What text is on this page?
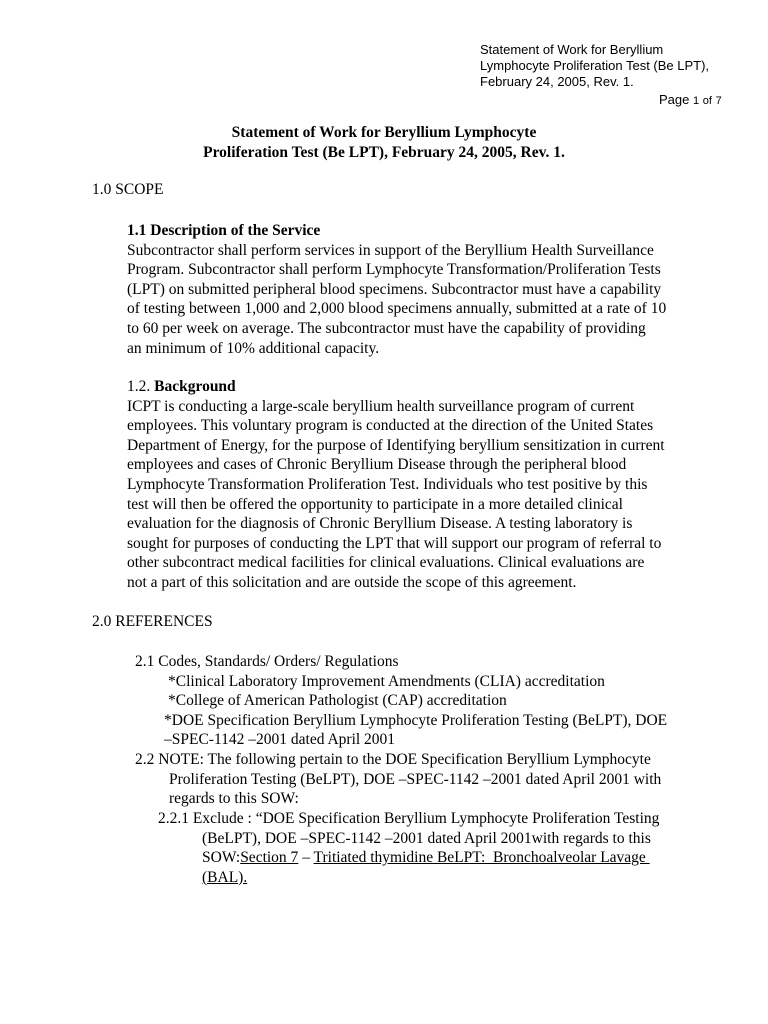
Statement of Work for Beryllium
Lymphocyte Proliferation Test (Be LPT),
February 24, 2005, Rev. 1.
Page 1 of 7
Statement of Work for Beryllium Lymphocyte
Proliferation Test (Be LPT), February 24, 2005, Rev. 1.
1.0 SCOPE
1.1 Description of the Service
Subcontractor shall perform services in support of the Beryllium Health Surveillance
Program. Subcontractor shall perform Lymphocyte Transformation/Proliferation Tests
(LPT) on submitted peripheral blood specimens. Subcontractor must have a capability
of testing between 1,000 and 2,000 blood specimens annually, submitted at a rate of 10
to 60 per week on average. The subcontractor must have the capability of providing
an minimum of 10% additional capacity.
1.2. Background
ICPT is conducting a large-scale beryllium health surveillance program of current
employees. This voluntary program is conducted at the direction of the United States
Department of Energy, for the purpose of Identifying beryllium sensitization in current
employees and cases of Chronic Beryllium Disease through the peripheral blood
Lymphocyte Transformation Proliferation Test. Individuals who test positive by this
test will then be offered the opportunity to participate in a more detailed clinical
evaluation for the diagnosis of Chronic Beryllium Disease. A testing laboratory is
sought for purposes of conducting the LPT that will support our program of referral to
other subcontract medical facilities for clinical evaluations. Clinical evaluations are
not a part of this solicitation and are outside the scope of this agreement.
2.0 REFERENCES
2.1 Codes, Standards/ Orders/ Regulations
*Clinical Laboratory Improvement Amendments (CLIA) accreditation
*College of American Pathologist (CAP) accreditation
*DOE Specification Beryllium Lymphocyte Proliferation Testing (BeLPT), DOE
–SPEC-1142 –2001 dated April 2001
2.2 NOTE: The following pertain to the DOE Specification Beryllium Lymphocyte
Proliferation Testing (BeLPT), DOE –SPEC-1142 –2001 dated April 2001 with
regards to this SOW:
2.2.1 Exclude : “DOE Specification Beryllium Lymphocyte Proliferation Testing
(BeLPT), DOE –SPEC-1142 –2001 dated April 2001with regards to this
SOW:Section 7 – Tritiated thymidine BeLPT:  Bronchoalveolar Lavage
(BAL).
